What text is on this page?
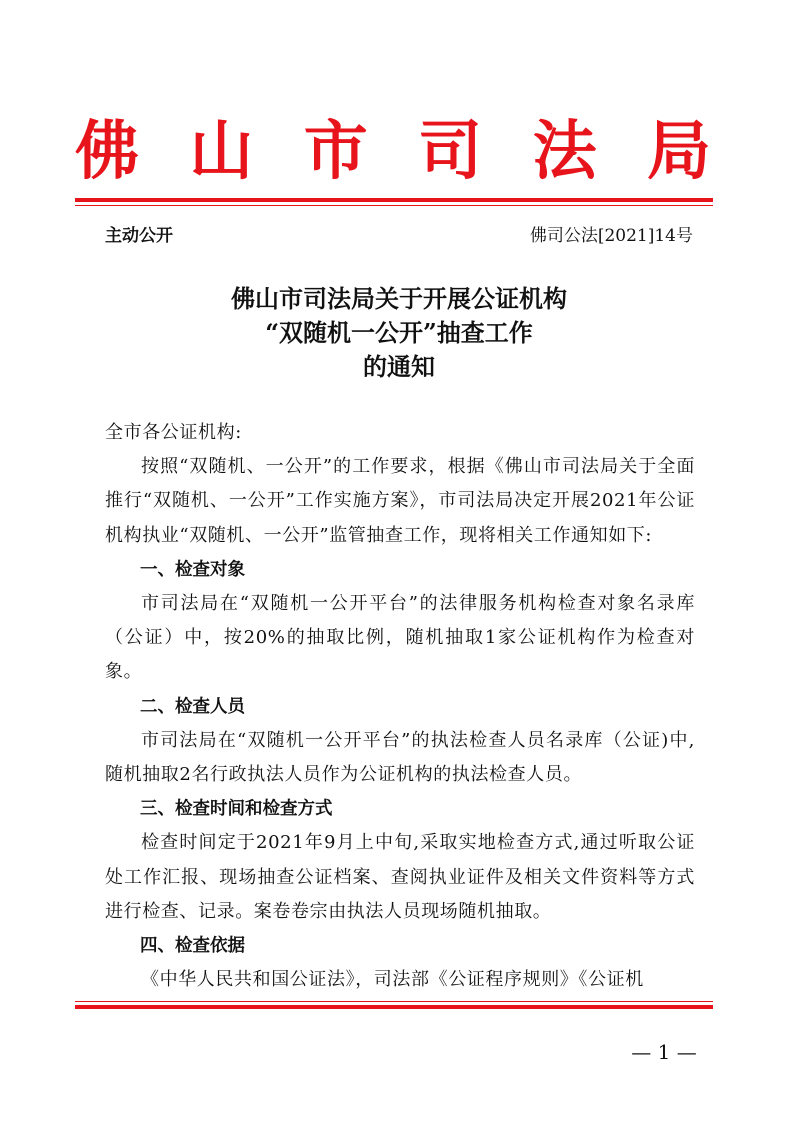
佛 山 市 司 法 局
主动公开	佛司公法[2021]14号
佛山市司法局关于开展公证机构
“双随机一公开”抽查工作
的通知

全市各公证机构:

按照“双随机、一公开”的工作要求，根据《佛山市司法局关于全面推行“双随机、一公开”工作实施方案》，市司法局决定开展2021年公证机构执业“双随机、一公开”监管抽查工作，现将相关工作通知如下:

一、检查对象

市司法局在“双随机一公开平台”的法律服务机构检查对象名录库（公证）中，按20%的抽取比例，随机抽取1家公证机构作为检查对象。

二、检查人员

市司法局在“双随机一公开平台”的执法检查人员名录库（公证)中,随机抽取2名行政执法人员作为公证机构的执法检查人员。

三、检查时间和检查方式

检查时间定于2021年9月上中旬,采取实地检查方式,通过听取公证处工作汇报、现场抽查公证档案、查阅执业证件及相关文件资料等方式进行检查、记录。案卷卷宗由执法人员现场随机抽取。

四、检查依据

《中华人民共和国公证法》，司法部《公证程序规则》《公证机

— 1 —
